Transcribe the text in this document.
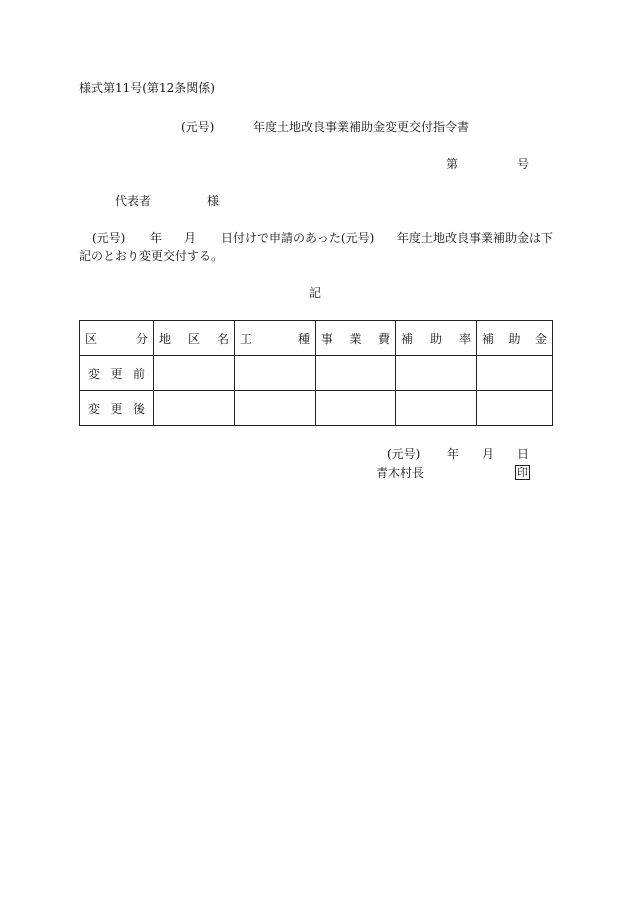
様式第11号(第12条関係)
(元号)	年度土地改良事業補助金変更交付指令書
第	号
代表者	様
(元号) 年 月 日付けで申請のあった(元号) 年度土地改良事業補助金は下
記のとおり変更交付する。
記
区 分	地 区 名	工 種	事 業 費	補 助 率	補 助 金

変 更 前					

変 更 後					

(元号) 年 月 日
青木村長	印
